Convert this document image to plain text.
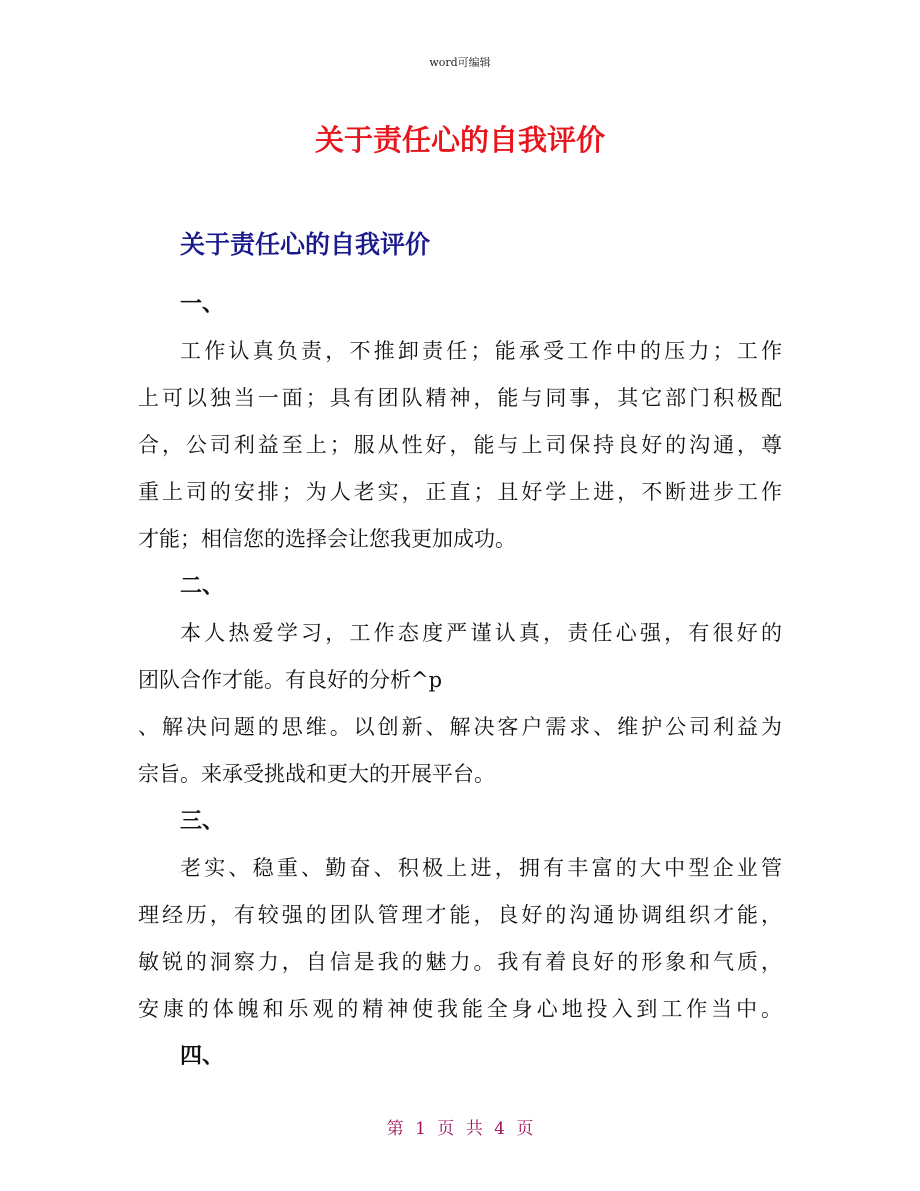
word可编辑
关于责任心的自我评价
关于责任心的自我评价
一、
工作认真负责，不推卸责任；能承受工作中的压力；工作
上可以独当一面；具有团队精神，能与同事，其它部门积极配
合，公司利益至上；服从性好，能与上司保持良好的沟通，尊
重上司的安排；为人老实，正直；且好学上进，不断进步工作
才能；相信您的选择会让您我更加成功。
二、
本人热爱学习，工作态度严谨认真，责任心强，有很好的
团队合作才能。有良好的分析^p
、解决问题的思维。以创新、解决客户需求、维护公司利益为
宗旨。来承受挑战和更大的开展平台。
三、
老实、稳重、勤奋、积极上进，拥有丰富的大中型企业管
理经历，有较强的团队管理才能，良好的沟通协调组织才能，
敏锐的洞察力，自信是我的魅力。我有着良好的形象和气质，
安康的体魄和乐观的精神使我能全身心地投入到工作当中。
四、
第 1 页 共 4 页
